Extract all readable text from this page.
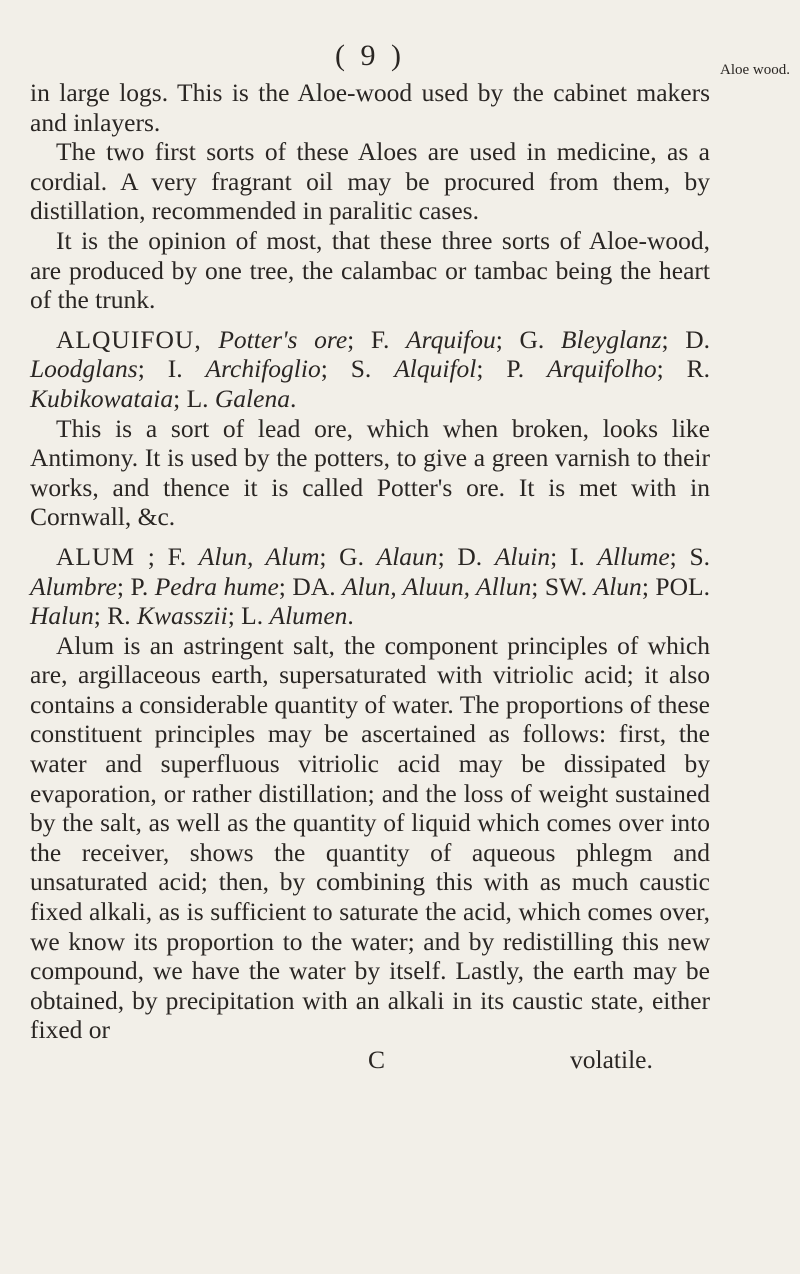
Aloe wood.
( 9 )

in large logs. This is the Aloe-wood used by the cabinet makers and inlayers.

The two first sorts of these Aloes are used in medicine, as a cordial. A very fragrant oil may be procured from them, by distillation, recommended in paralitic cases.

It is the opinion of most, that these three sorts of Aloe-wood, are produced by one tree, the calambac or tambac being the heart of the trunk.

ALQUIFOU, Potter's ore; F. Arquifou; G. Bleyglanz; D. Loodglans; I. Archifoglio; S. Alquifol; P. Arquifolho; R. Kubikowataia; L. Galena.

This is a sort of lead ore, which when broken, looks like Antimony. It is used by the potters, to give a green varnish to their works, and thence it is called Potter's ore. It is met with in Cornwall, &c.

ALUM ; F. Alun, Alum; G. Alaun; D. Aluin; I. Allume; S. Alumbre; P. Pedra hume; DA. Alun, Aluun, Allun; SW. Alun; POL. Halun; R. Kwasszii; L. Alumen.

Alum is an astringent salt, the component principles of which are, argillaceous earth, supersaturated with vitriolic acid; it also contains a considerable quantity of water. The proportions of these constituent principles may be ascertained as follows: first, the water and superfluous vitriolic acid may be dissipated by evaporation, or rather distillation; and the loss of weight sustained by the salt, as well as the quantity of liquid which comes over into the receiver, shows the quantity of aqueous phlegm and unsaturated acid; then, by combining this with as much caustic fixed alkali, as is sufficient to saturate the acid, which comes over, we know its proportion to the water; and by redistilling this new compound, we have the water by itself. Lastly, the earth may be obtained, by precipitation with an alkali in its caustic state, either fixed or

C	volatile.
